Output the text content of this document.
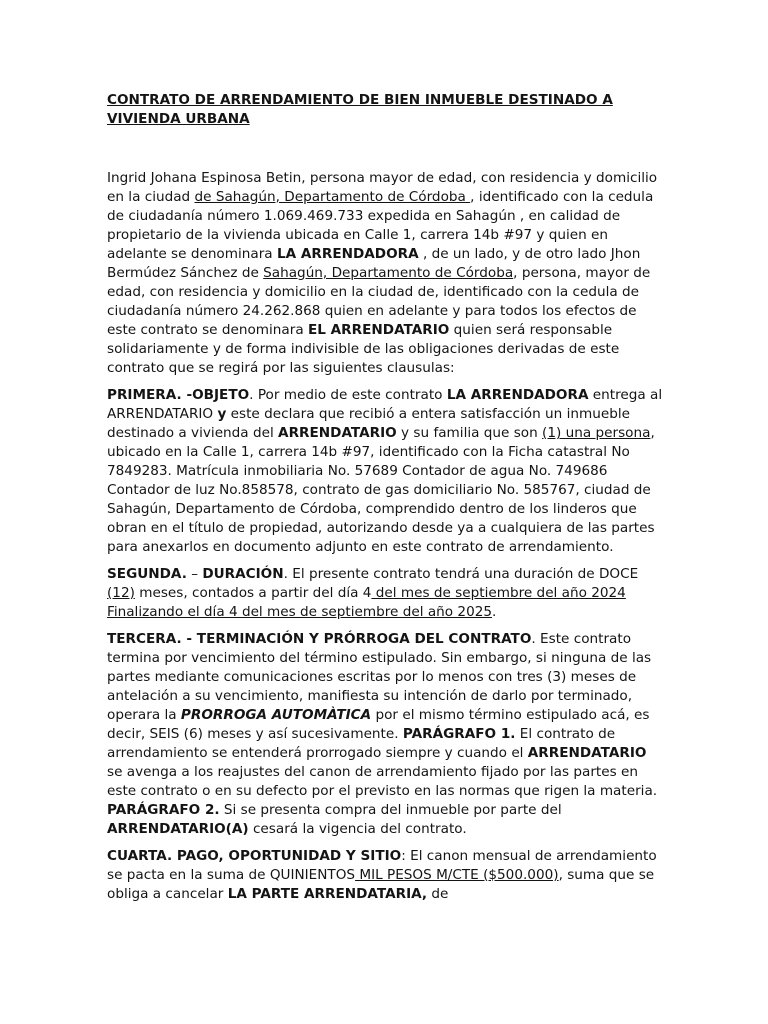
CONTRATO DE ARRENDAMIENTO DE BIEN INMUEBLE DESTINADO A
VIVIENDA URBANA

Ingrid Johana Espinosa Betin, persona mayor de edad, con residencia y domicilio en la ciudad de Sahagún, Departamento de Córdoba , identificado con la cedula de ciudadanía número 1.069.469.733 expedida en Sahagún , en calidad de propietario de la vivienda ubicada en Calle 1, carrera 14b #97 y quien en adelante se denominara LA ARRENDADORA , de un lado, y de otro lado Jhon Bermúdez Sánchez de Sahagún, Departamento de Córdoba, persona, mayor de edad, con residencia y domicilio en la ciudad de, identificado con la cedula de ciudadanía número 24.262.868 quien en adelante y para todos los efectos de este contrato se denominara EL ARRENDATARIO quien será responsable solidariamente y de forma indivisible de las obligaciones derivadas de este contrato que se regirá por las siguientes clausulas:

PRIMERA. -OBJETO. Por medio de este contrato LA ARRENDADORA entrega al ARRENDATARIO y este declara que recibió a entera satisfacción un inmueble destinado a vivienda del ARRENDATARIO y su familia que son (1) una persona, ubicado en la Calle 1, carrera 14b #97, identificado con la Ficha catastral No 7849283. Matrícula inmobiliaria No. 57689 Contador de agua No. 749686 Contador de luz No.858578, contrato de gas domiciliario No. 585767, ciudad de Sahagún, Departamento de Córdoba, comprendido dentro de los linderos que obran en el título de propiedad, autorizando desde ya a cualquiera de las partes para anexarlos en documento adjunto en este contrato de arrendamiento.

SEGUNDA. – DURACIÓN. El presente contrato tendrá una duración de DOCE (12) meses, contados a partir del día 4 del mes de septiembre del año 2024 Finalizando el día 4 del mes de septiembre del año 2025.

TERCERA. - TERMINACIÓN Y PRÓRROGA DEL CONTRATO. Este contrato termina por vencimiento del término estipulado. Sin embargo, si ninguna de las partes mediante comunicaciones escritas por lo menos con tres (3) meses de antelación a su vencimiento, manifiesta su intención de darlo por terminado, operara la PRORROGA AUTOMÀTICA por el mismo término estipulado acá, es decir, SEIS (6) meses y así sucesivamente. PARÁGRAFO 1. El contrato de arrendamiento se entenderá prorrogado siempre y cuando el ARRENDATARIO se avenga a los reajustes del canon de arrendamiento fijado por las partes en este contrato o en su defecto por el previsto en las normas que rigen la materia. PARÁGRAFO 2. Si se presenta compra del inmueble por parte del ARRENDATARIO(A) cesará la vigencia del contrato.

CUARTA. PAGO, OPORTUNIDAD Y SITIO: El canon mensual de arrendamiento se pacta en la suma de QUINIENTOS MIL PESOS M/CTE ($500.000), suma que se obliga a cancelar LA PARTE ARRENDATARIA, de
